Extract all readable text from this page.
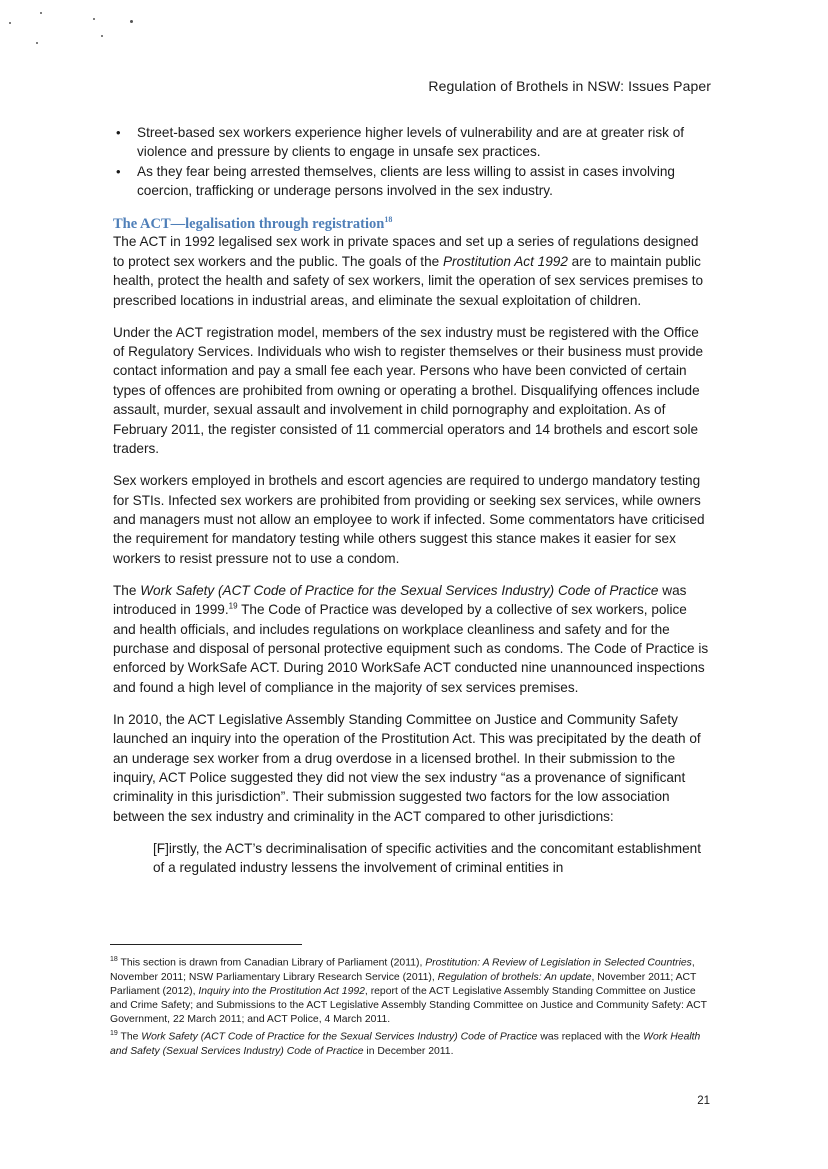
Regulation of Brothels in NSW: Issues Paper
• Street-based sex workers experience higher levels of vulnerability and are at greater risk of violence and pressure by clients to engage in unsafe sex practices.
• As they fear being arrested themselves, clients are less willing to assist in cases involving coercion, trafficking or underage persons involved in the sex industry.
The ACT—legalisation through registration$^{18}$

The ACT in 1992 legalised sex work in private spaces and set up a series of regulations designed to protect sex workers and the public. The goals of the Prostitution Act 1992 are to maintain public health, protect the health and safety of sex workers, limit the operation of sex services premises to prescribed locations in industrial areas, and eliminate the sexual exploitation of children.

Under the ACT registration model, members of the sex industry must be registered with the Office of Regulatory Services. Individuals who wish to register themselves or their business must provide contact information and pay a small fee each year. Persons who have been convicted of certain types of offences are prohibited from owning or operating a brothel. Disqualifying offences include assault, murder, sexual assault and involvement in child pornography and exploitation. As of February 2011, the register consisted of 11 commercial operators and 14 brothels and escort sole traders.

Sex workers employed in brothels and escort agencies are required to undergo mandatory testing for STIs. Infected sex workers are prohibited from providing or seeking sex services, while owners and managers must not allow an employee to work if infected. Some commentators have criticised the requirement for mandatory testing while others suggest this stance makes it easier for sex workers to resist pressure not to use a condom.

The Work Safety (ACT Code of Practice for the Sexual Services Industry) Code of Practice was introduced in 1999.19 The Code of Practice was developed by a collective of sex workers, police and health officials, and includes regulations on workplace cleanliness and safety and for the purchase and disposal of personal protective equipment such as condoms. The Code of Practice is enforced by WorkSafe ACT. During 2010 WorkSafe ACT conducted nine unannounced inspections and found a high level of compliance in the majority of sex services premises.

In 2010, the ACT Legislative Assembly Standing Committee on Justice and Community Safety launched an inquiry into the operation of the Prostitution Act. This was precipitated by the death of an underage sex worker from a drug overdose in a licensed brothel. In their submission to the inquiry, ACT Police suggested they did not view the sex industry “as a provenance of significant criminality in this jurisdiction”. Their submission suggested two factors for the low association between the sex industry and criminality in the ACT compared to other jurisdictions:

[F]irstly, the ACT’s decriminalisation of specific activities and the concomitant establishment of a regulated industry lessens the involvement of criminal entities in

$^{18}$ This section is drawn from Canadian Library of Parliament (2011), Prostitution: A Review of Legislation in Selected Countries, November 2011; NSW Parliamentary Library Research Service (2011), Regulation of brothels: An update, November 2011; ACT Parliament (2012), Inquiry into the Prostitution Act 1992, report of the ACT Legislative Assembly Standing Committee on Justice and Crime Safety; and Submissions to the ACT Legislative Assembly Standing Committee on Justice and Community Safety: ACT Government, 22 March 2011; and ACT Police, 4 March 2011.

$^{19}$ The Work Safety (ACT Code of Practice for the Sexual Services Industry) Code of Practice was replaced with the Work Health and Safety (Sexual Services Industry) Code of Practice in December 2011.

21
